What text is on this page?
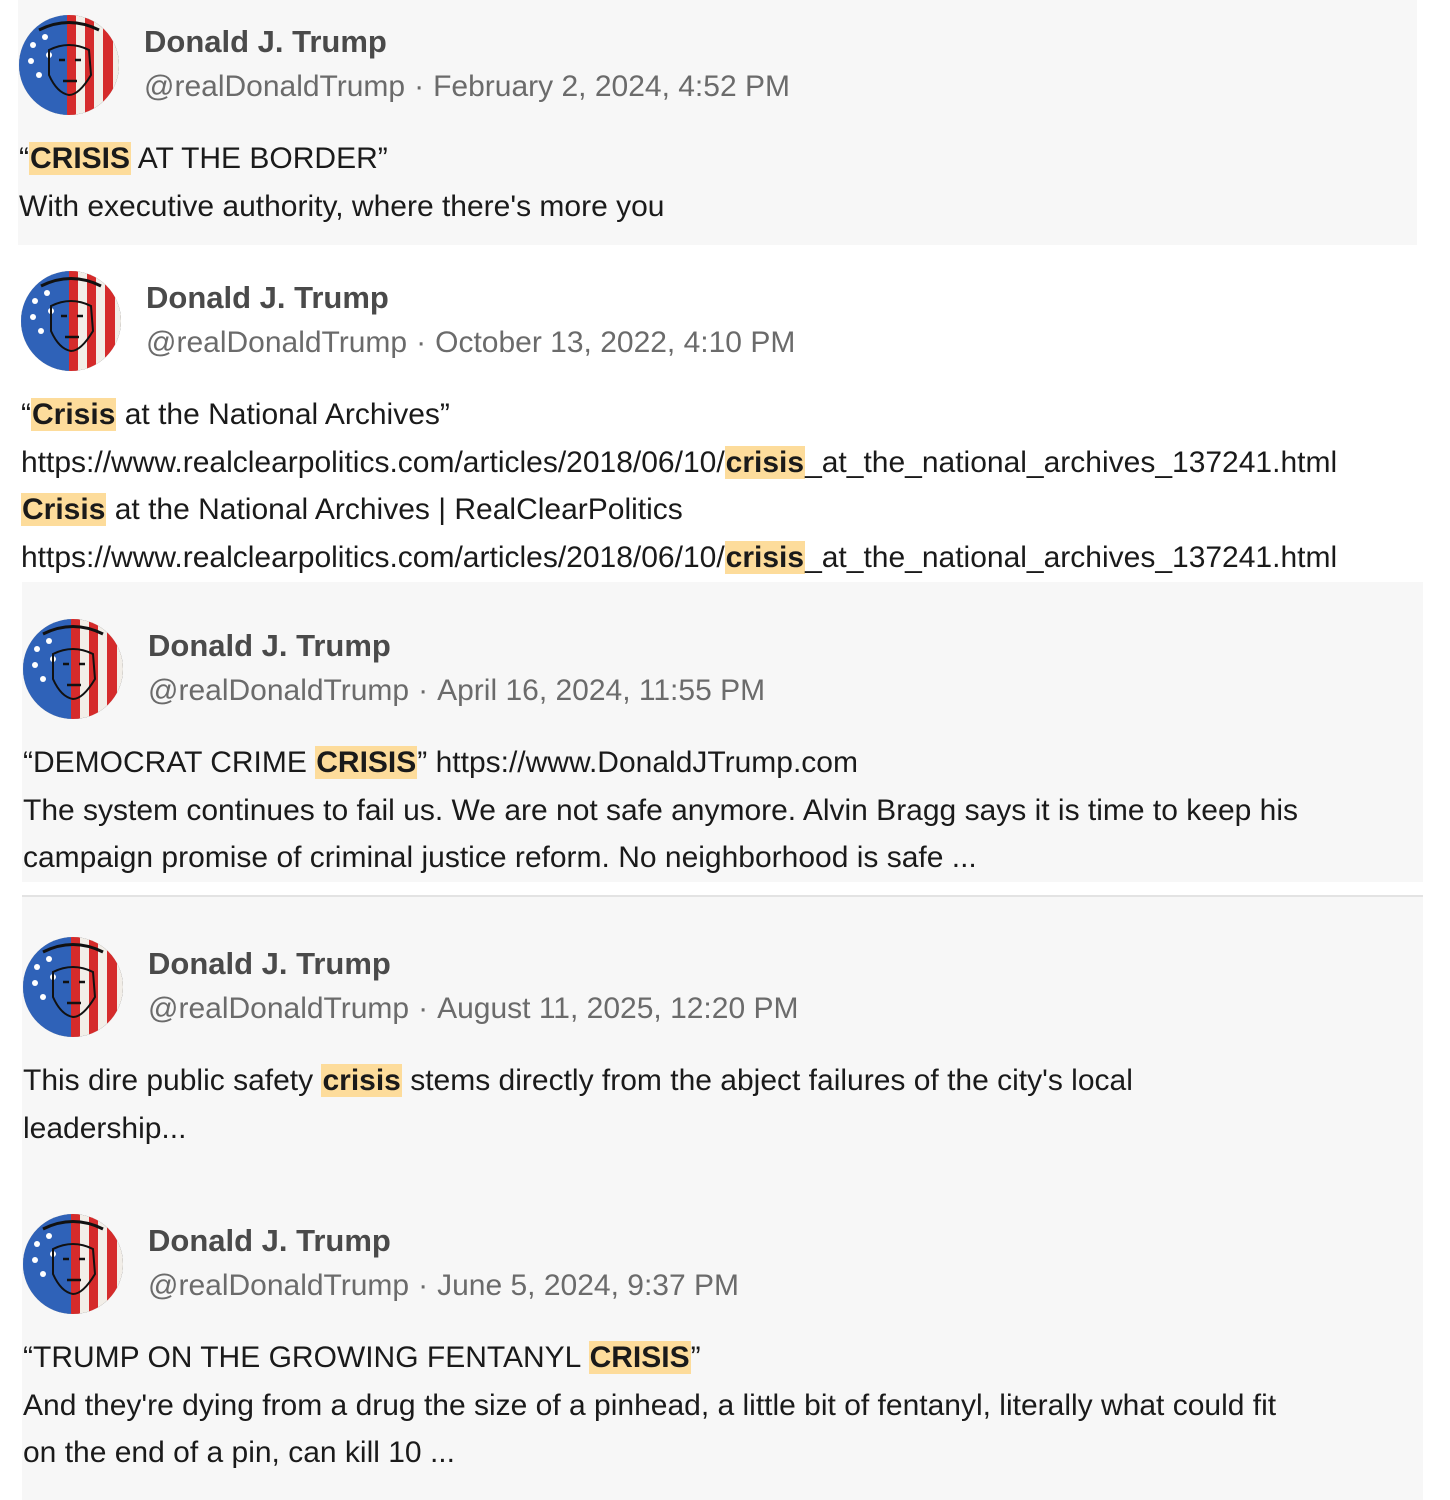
Donald J. Trump
@realDonaldTrump · February 2, 2024, 4:52 PM
“CRISIS AT THE BORDER”
With executive authority, where there's more you
Donald J. Trump
@realDonaldTrump · October 13, 2022, 4:10 PM
“Crisis at the National Archives”
https://www.realclearpolitics.com/articles/2018/06/10/crisis_at_the_national_archives_137241.html
Crisis at the National Archives | RealClearPolitics
https://www.realclearpolitics.com/articles/2018/06/10/crisis_at_the_national_archives_137241.html
Donald J. Trump
@realDonaldTrump · April 16, 2024, 11:55 PM
“DEMOCRAT CRIME CRISIS” https://www.DonaldJTrump.com
The system continues to fail us. We are not safe anymore. Alvin Bragg says it is time to keep his
campaign promise of criminal justice reform. No neighborhood is safe ...
Donald J. Trump
@realDonaldTrump · August 11, 2025, 12:20 PM
This dire public safety crisis stems directly from the abject failures of the city's local
leadership...
Donald J. Trump
@realDonaldTrump · June 5, 2024, 9:37 PM
“TRUMP ON THE GROWING FENTANYL CRISIS”
And they're dying from a drug the size of a pinhead, a little bit of fentanyl, literally what could fit
on the end of a pin, can kill 10 ...
